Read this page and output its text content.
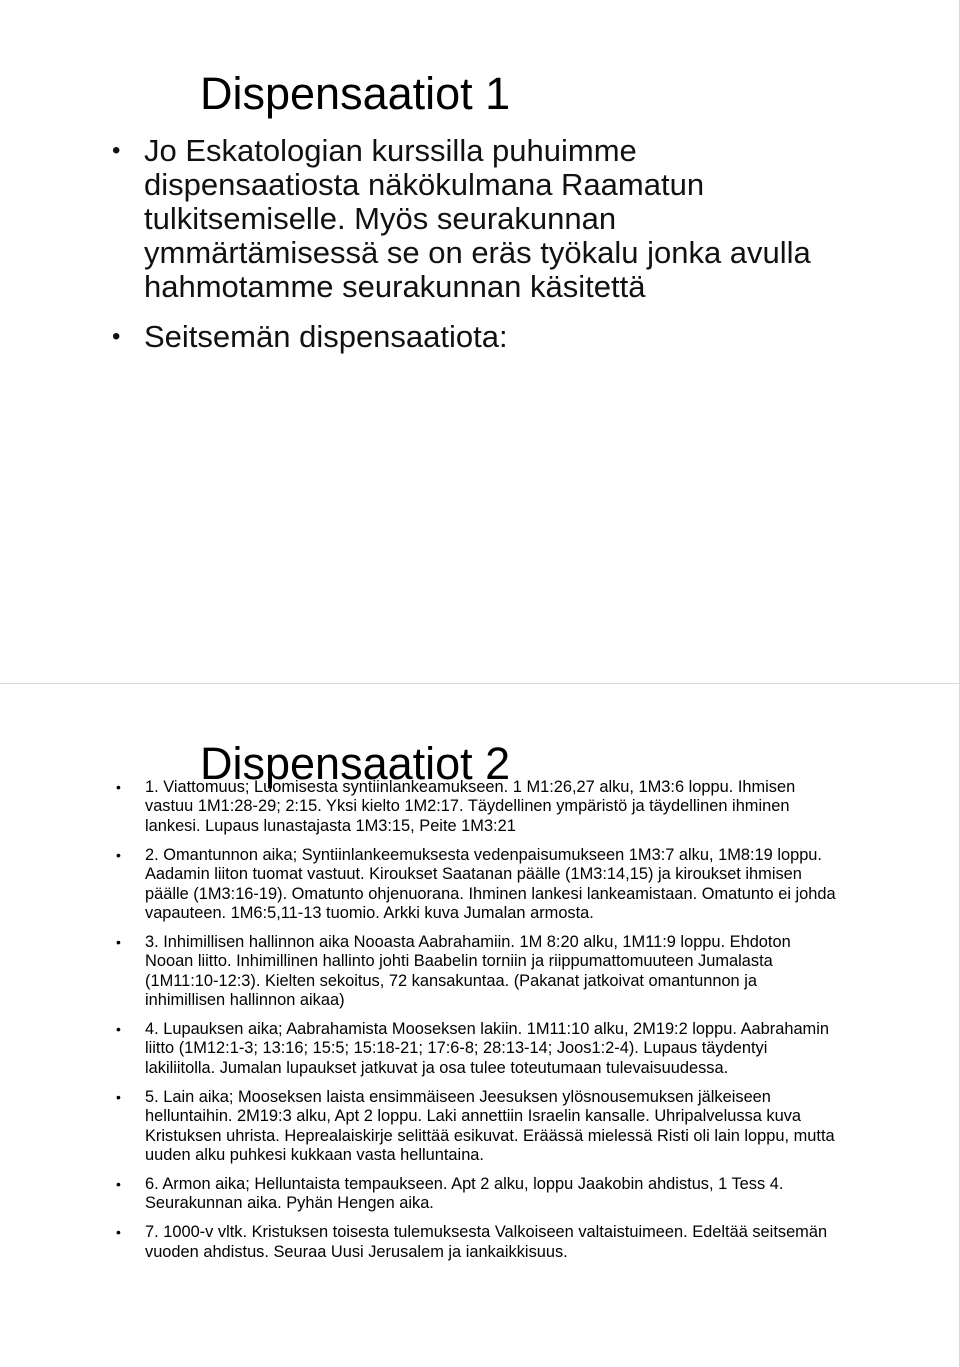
Dispensaatiot 1
• Jo Eskatologian kurssilla puhuimme dispensaatiosta näkökulmana Raamatun tulkitsemiselle. Myös seurakunnan ymmärtämisessä se on eräs työkalu jonka avulla hahmotamme seurakunnan käsitettä
• Seitsemän dispensaatiota:
Dispensaatiot 2
• 1. Viattomuus; Luomisesta syntiinlankeamukseen. 1 M1:26,27 alku, 1M3:6 loppu. Ihmisen vastuu 1M1:28-29; 2:15. Yksi kielto 1M2:17. Täydellinen ympäristö ja täydellinen ihminen lankesi. Lupaus lunastajasta 1M3:15, Peite 1M3:21
• 2. Omantunnon aika; Syntiinlankeemuksesta vedenpaisumukseen 1M3:7 alku, 1M8:19 loppu. Aadamin liiton tuomat vastuut. Kiroukset Saatanan päälle (1M3:14,15) ja kiroukset ihmisen päälle (1M3:16-19). Omatunto ohjenuorana. Ihminen lankesi lankeamistaan. Omatunto ei johda vapauteen. 1M6:5,11-13 tuomio. Arkki kuva Jumalan armosta.
• 3. Inhimillisen hallinnon aika Nooasta Aabrahamiin. 1M 8:20 alku, 1M11:9 loppu. Ehdoton Nooan liitto. Inhimillinen hallinto johti Baabelin torniin ja riippumattomuuteen Jumalasta (1M11:10-12:3). Kielten sekoitus, 72 kansakuntaa. (Pakanat jatkoivat omantunnon ja inhimillisen hallinnon aikaa)
• 4. Lupauksen aika; Aabrahamista Mooseksen lakiin. 1M11:10 alku, 2M19:2 loppu. Aabrahamin liitto (1M12:1-3; 13:16; 15:5; 15:18-21; 17:6-8; 28:13-14; Joos1:2-4). Lupaus täydentyi lakiliitolla. Jumalan lupaukset jatkuvat ja osa tulee toteutumaan tulevaisuudessa.
• 5. Lain aika; Mooseksen laista ensimmäiseen Jeesuksen ylösnousemuksen jälkeiseen helluntaihin. 2M19:3 alku, Apt 2 loppu. Laki annettiin Israelin kansalle. Uhripalvelussa kuva Kristuksen uhrista. Heprealaiskirje selittää esikuvat. Eräässä mielessä Risti oli lain loppu, mutta uuden alku puhkesi kukkaan vasta helluntaina.
• 6. Armon aika; Helluntaista tempaukseen. Apt 2 alku, loppu Jaakobin ahdistus, 1 Tess 4. Seurakunnan aika. Pyhän Hengen aika.
• 7. 1000-v vltk. Kristuksen toisesta tulemuksesta Valkoiseen valtaistuimeen. Edeltää seitsemän vuoden ahdistus. Seuraa Uusi Jerusalem ja iankaikkisuus.
